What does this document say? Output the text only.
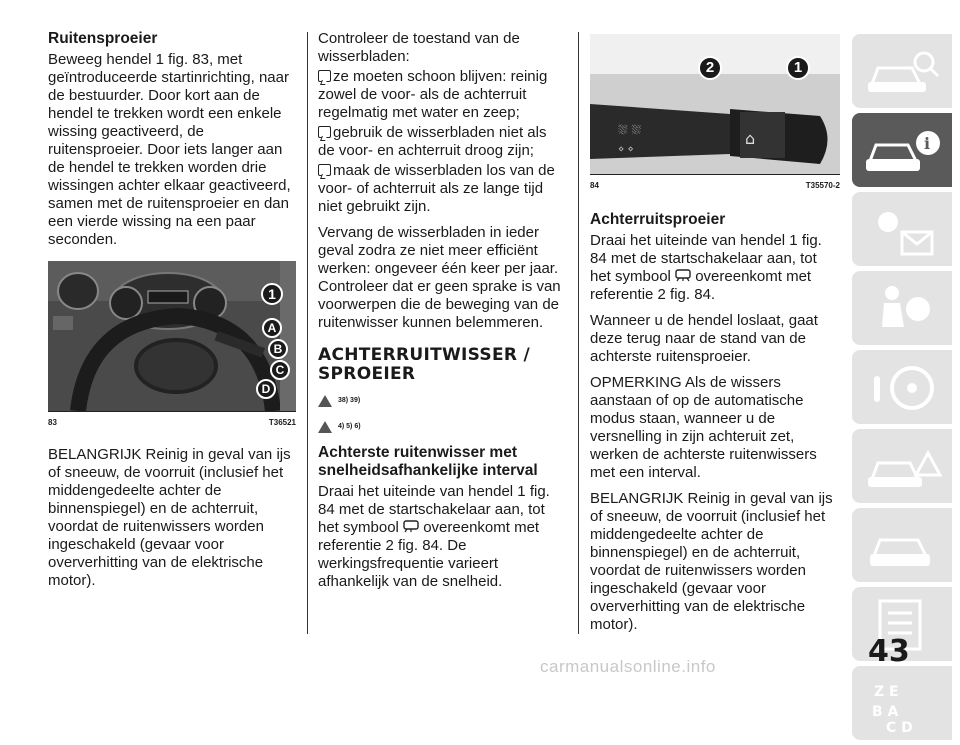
Ruitensproeier

Beweeg hendel 1 fig. 83, met geïntroduceerde startinrichting, naar de bestuurder. Door kort aan de hendel te trekken wordt een enkele wissing geactiveerd, de ruitensproeier. Door iets langer aan de hendel te trekken worden drie wissingen achter elkaar geactiveerd, samen met de ruitensproeier en dan een vierde wissing na een paar seconden.

1
A
B
C
D
83	T36521

BELANGRIJK Reinig in geval van ijs of sneeuw, de voorruit (inclusief het middengedeelte achter de binnenspiegel) en de achterruit, voordat de ruitenwissers worden ingeschakeld (gevaar voor oververhitting van de elektrische motor).

Controleer de toestand van de wisserbladen:

ze moeten schoon blijven: reinig zowel de voor- als de achterruit regelmatig met water en zeep;

gebruik de wisserbladen niet als de voor- en achterruit droog zijn;

maak de wisserbladen los van de voor- of achterruit als ze lange tijd niet gebruikt zijn.

Vervang de wisserbladen in ieder geval zodra ze niet meer efficiënt werken: ongeveer één keer per jaar. Controleer dat er geen sprake is van voorwerpen die de beweging van de ruitenwisser kunnen belemmeren.

ACHTERRUITWISSER /
SPROEIER
38) 39)
4) 5) 6)
Achterste ruitenwisser met snelheidsafhankelijke interval

Draai het uiteinde van hendel 1 fig. 84 met de startschakelaar aan, tot het symbool overeenkomt met referentie 2 fig. 84. De werkingsfrequentie varieert afhankelijk van de snelheid.

⛆ ⛆
⋄ ⋄
⌂
2	1
84	T35570-2
Achterruitsproeier

Draai het uiteinde van hendel 1 fig. 84 met de startschakelaar aan, tot het symbool overeenkomt met referentie 2 fig. 84.

Wanneer u de hendel loslaat, gaat deze terug naar de stand van de achterste ruitensproeier.

OPMERKING Als de wissers aanstaan of op de automatische modus staan, wanneer u de versnelling in zijn achteruit zet, werken de achterste ruitenwissers met een interval.

BELANGRIJK Reinig in geval van ijs of sneeuw, de voorruit (inclusief het middengedeelte achter de binnenspiegel) en de achterruit, voordat de ruitenwissers worden ingeschakeld (gevaar voor oververhitting van de elektrische motor).

i
Z E
B A
C D
43
carmanualsonline.info
